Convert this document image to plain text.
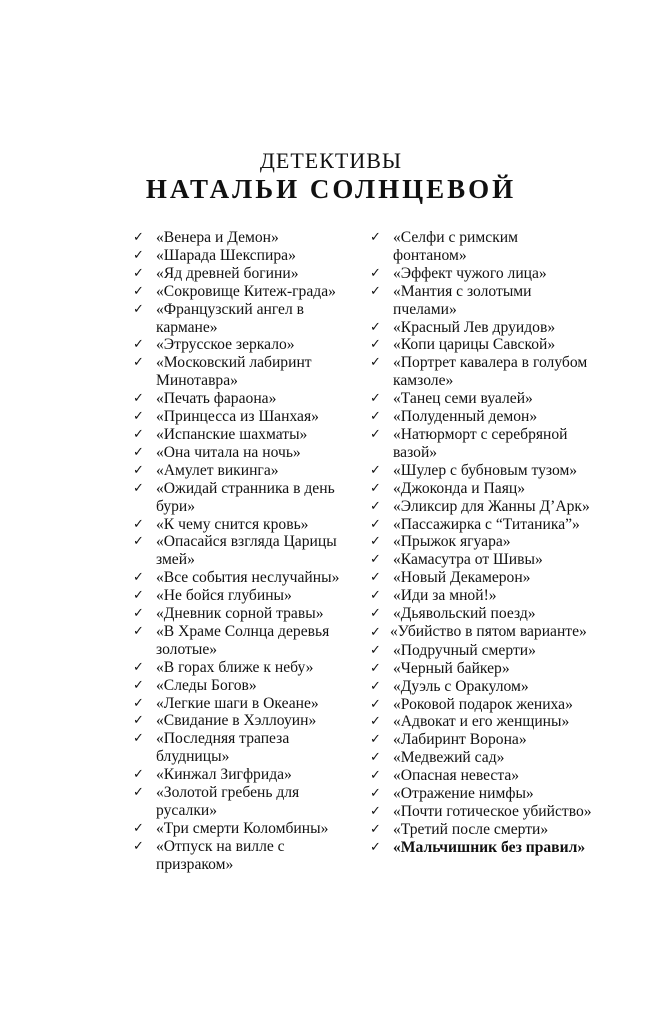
ДЕТЕКТИВЫ
НАТАЛЬИ СОЛНЦЕВОЙ
✓ «Венера и Демон»
✓ «Шарада Шекспира»
✓ «Яд древней богини»
✓ «Сокровище Китеж-града»
✓ «Французский ангел в кармане»
✓ «Этрусское зеркало»
✓ «Московский лабиринт Минотавра»
✓ «Печать фараона»
✓ «Принцесса из Шанхая»
✓ «Испанские шахматы»
✓ «Она читала на ночь»
✓ «Амулет викинга»
✓ «Ожидай странника в день бури»
✓ «К чему снится кровь»
✓ «Опасайся взгляда Царицы змей»
✓ «Все события неслучайны»
✓ «Не бойся глубины»
✓ «Дневник сорной травы»
✓ «В Храме Солнца деревья золотые»
✓ «В горах ближе к небу»
✓ «Следы Богов»
✓ «Легкие шаги в Океане»
✓ «Свидание в Хэллоуин»
✓ «Последняя трапеза блудницы»
✓ «Кинжал Зигфрида»
✓ «Золотой гребень для русалки»
✓ «Три смерти Коломбины»
✓ «Отпуск на вилле с призраком»
✓ «Селфи с римским фонтаном»
✓ «Эффект чужого лица»
✓ «Мантия с золотыми пчелами»
✓ «Красный Лев друидов»
✓ «Копи царицы Савской»
✓ «Портрет кавалера в голубом камзоле»
✓ «Танец семи вуалей»
✓ «Полуденный демон»
✓ «Натюрморт с серебряной вазой»
✓ «Шулер с бубновым тузом»
✓ «Джоконда и Паяц»
✓ «Эликсир для Жанны Д’Арк»
✓ «Пассажирка с “Титаника”»
✓ «Прыжок ягуара»
✓ «Камасутра от Шивы»
✓ «Новый Декамерон»
✓ «Иди за мной!»
✓ «Дьявольский поезд»
✓ «Убийство в пятом варианте»
✓ «Подручный смерти»
✓ «Черный байкер»
✓ «Дуэль с Оракулом»
✓ «Роковой подарок жениха»
✓ «Адвокат и его женщины»
✓ «Лабиринт Ворона»
✓ «Медвежий сад»
✓ «Опасная невеста»
✓ «Отражение нимфы»
✓ «Почти готическое убийство»
✓ «Третий после смерти»
✓ «Мальчишник без правил»
